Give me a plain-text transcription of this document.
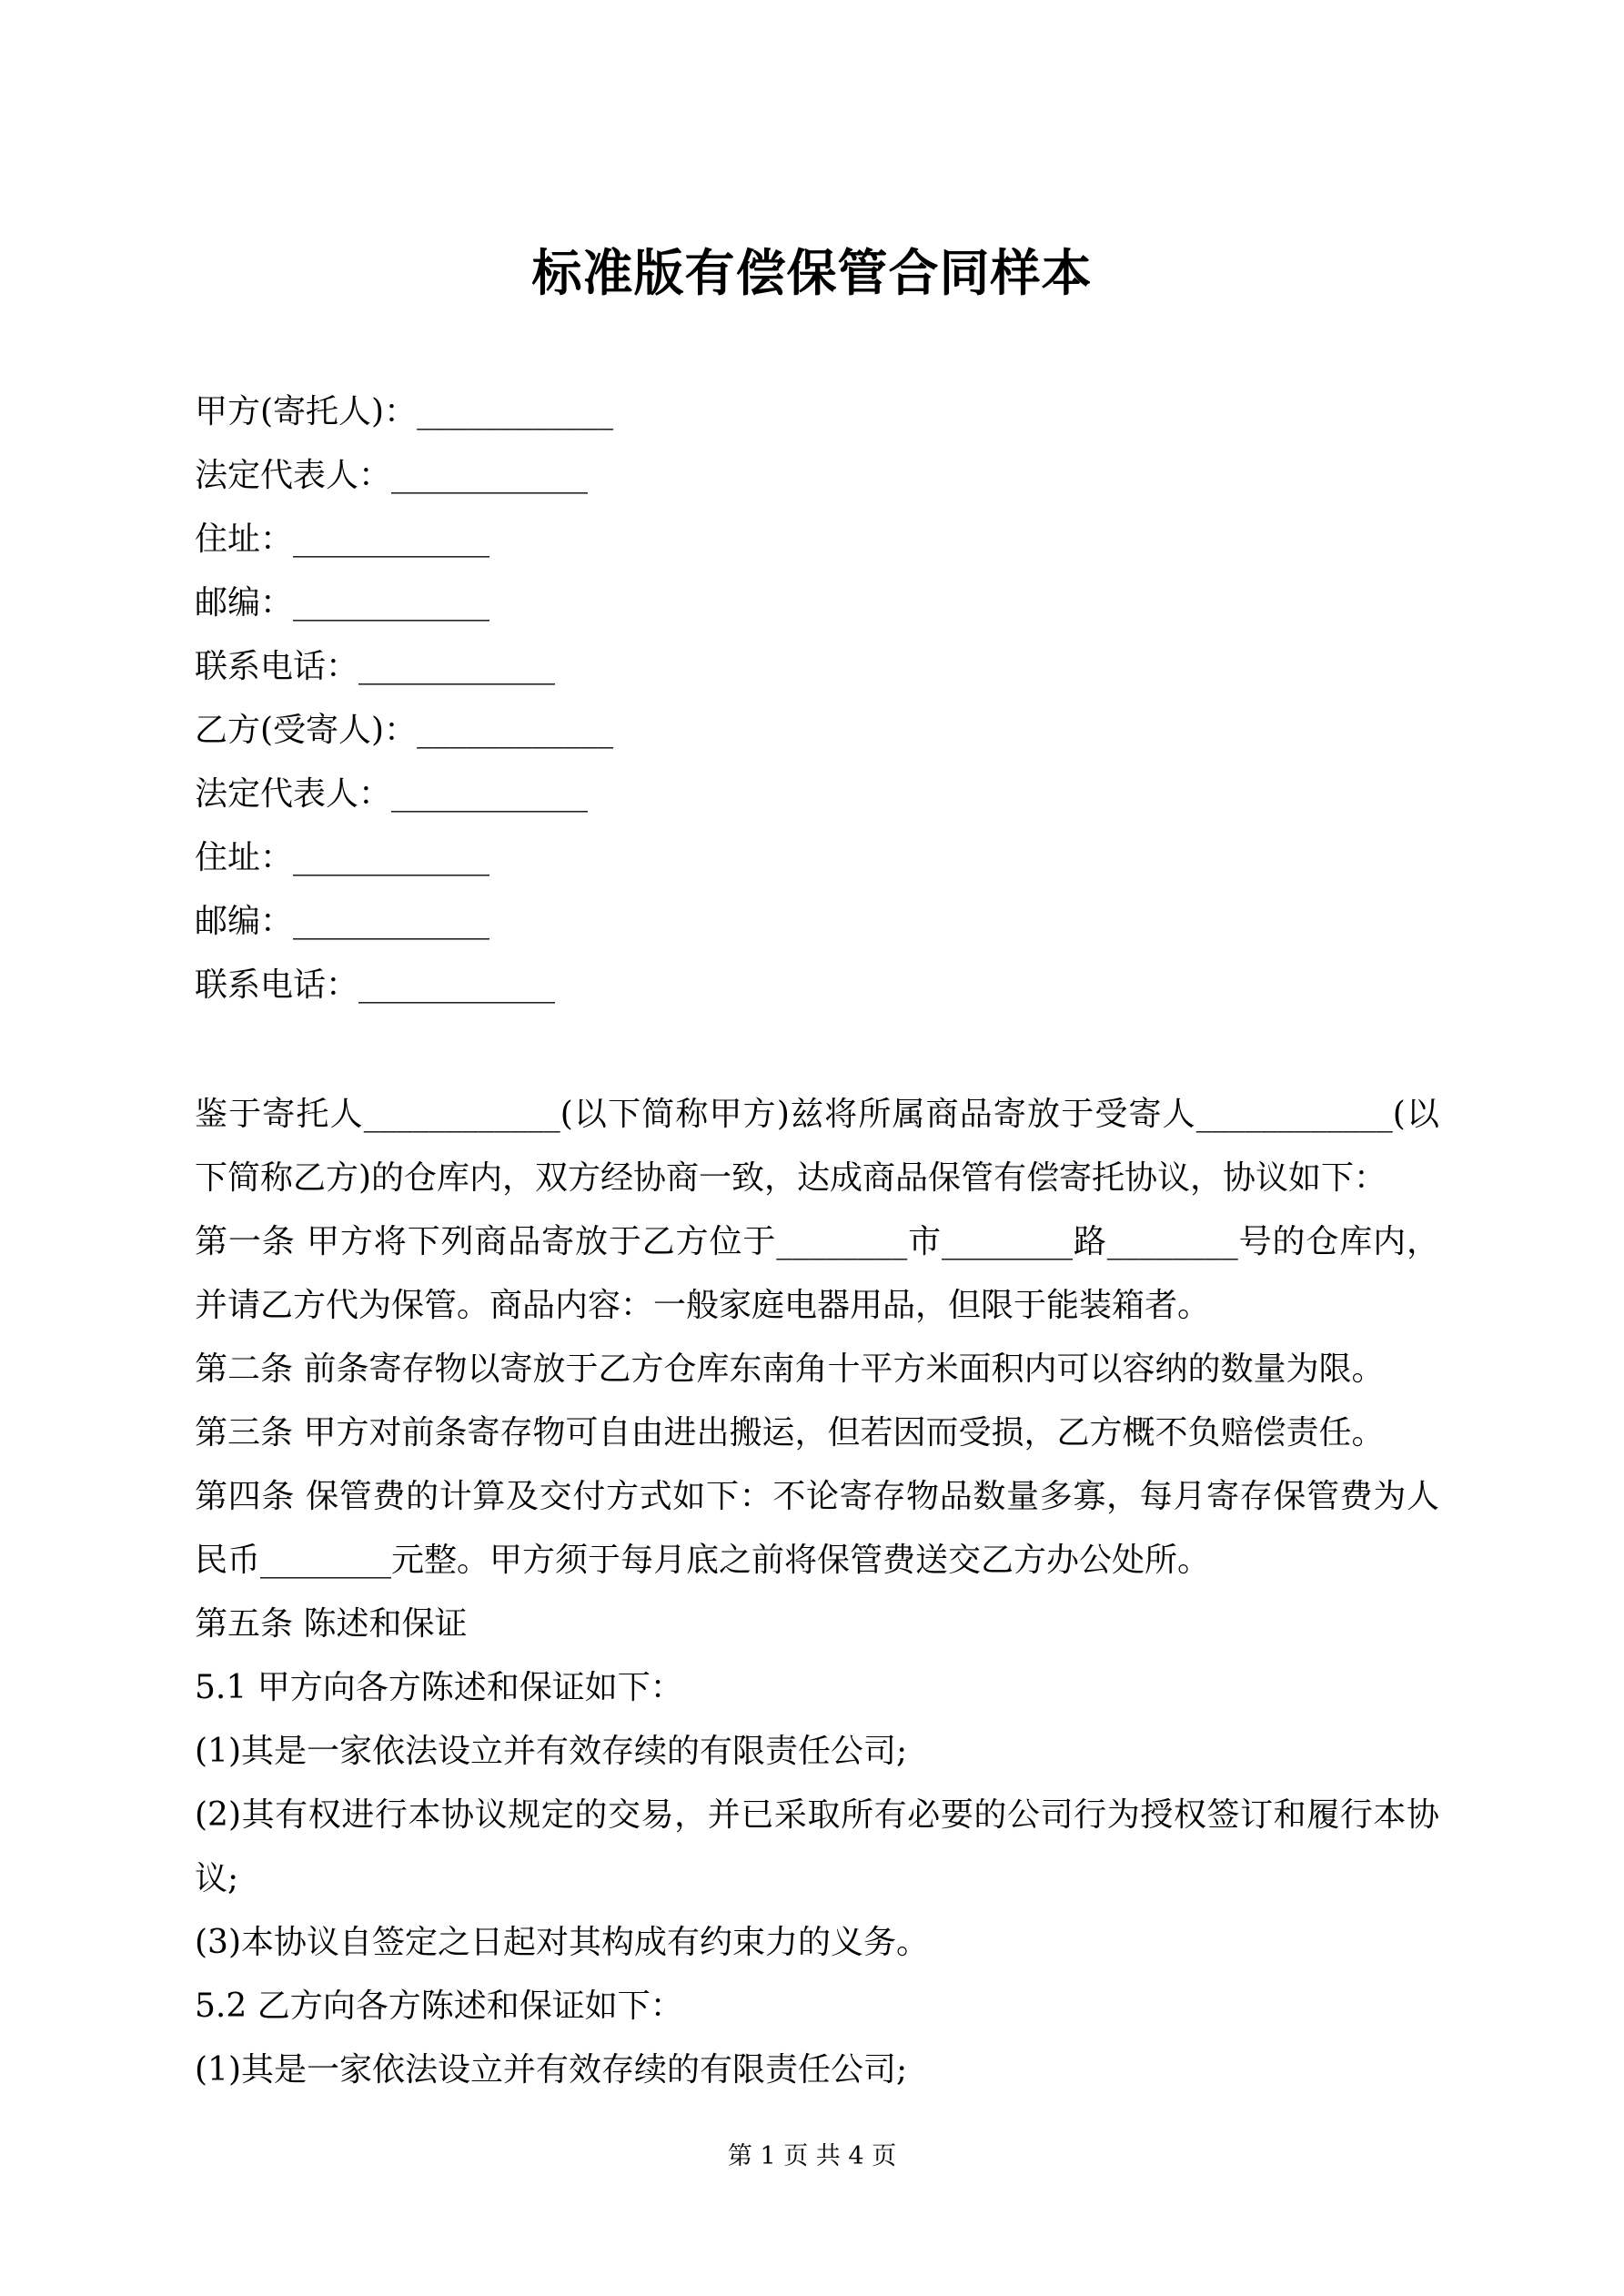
标准版有偿保管合同样本

甲方(寄托人)：____________

法定代表人：____________

住址：____________

邮编：____________

联系电话：____________

乙方(受寄人)：____________

法定代表人：____________

住址：____________

邮编：____________

联系电话：____________

鉴于寄托人____________(以下简称甲方)兹将所属商品寄放于受寄人____________(以下简称乙方)的仓库内，双方经协商一致，达成商品保管有偿寄托协议，协议如下：

第一条 甲方将下列商品寄放于乙方位于________市________路________号的仓库内，并请乙方代为保管。商品内容：一般家庭电器用品，但限于能装箱者。

第二条 前条寄存物以寄放于乙方仓库东南角十平方米面积内可以容纳的数量为限。

第三条 甲方对前条寄存物可自由进出搬运，但若因而受损，乙方概不负赔偿责任。

第四条 保管费的计算及交付方式如下：不论寄存物品数量多寡，每月寄存保管费为人民币________元整。甲方须于每月底之前将保管费送交乙方办公处所。

第五条 陈述和保证

5.1 甲方向各方陈述和保证如下：

(1)其是一家依法设立并有效存续的有限责任公司;

(2)其有权进行本协议规定的交易，并已采取所有必要的公司行为授权签订和履行本协议;

(3)本协议自签定之日起对其构成有约束力的义务。

5.2 乙方向各方陈述和保证如下：

(1)其是一家依法设立并有效存续的有限责任公司;

第 1 页 共 4 页
